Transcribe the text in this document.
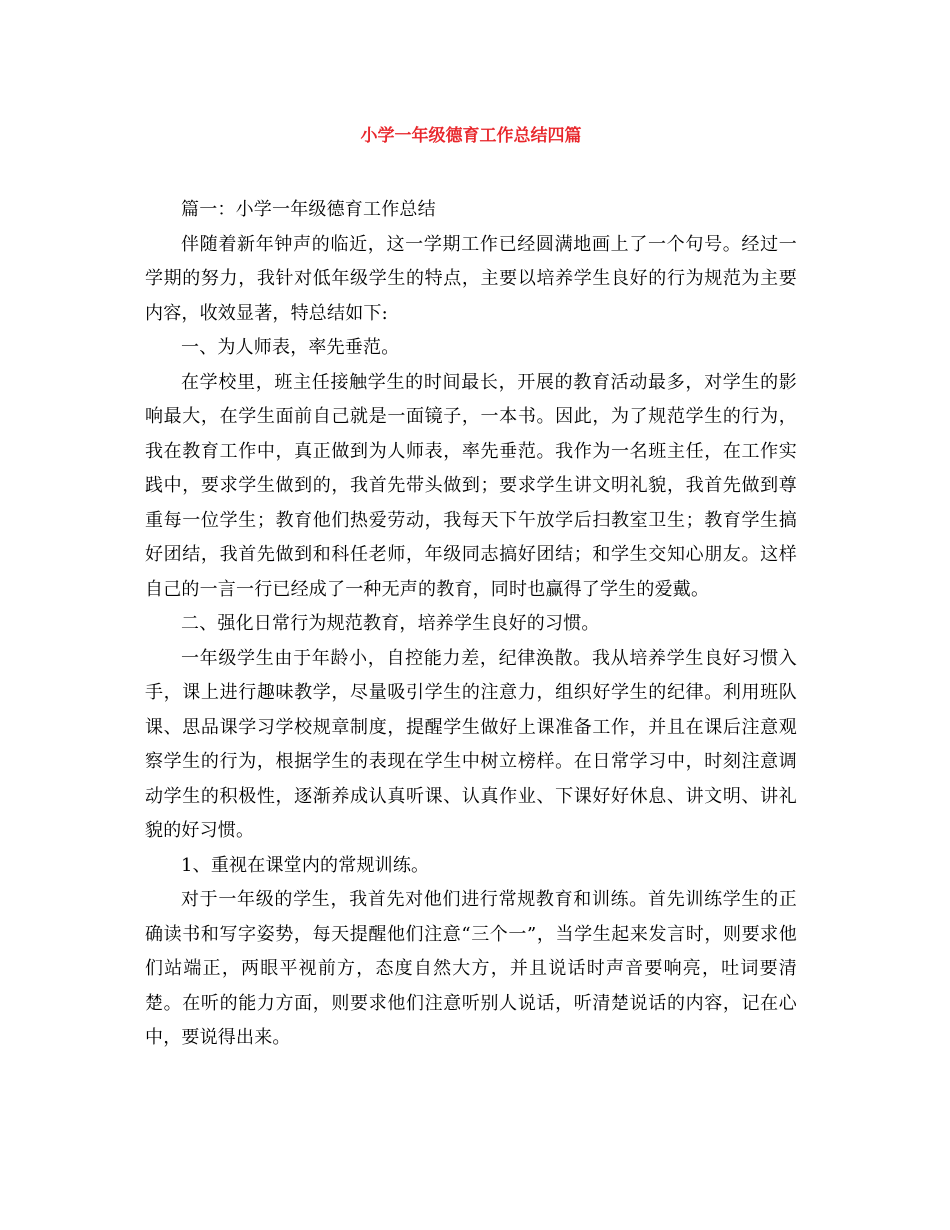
小学一年级德育工作总结四篇

篇一：小学一年级德育工作总结

伴随着新年钟声的临近，这一学期工作已经圆满地画上了一个句号。经过一学期的努力，我针对低年级学生的特点，主要以培养学生良好的行为规范为主要内容，收效显著，特总结如下:

一、为人师表，率先垂范。

在学校里，班主任接触学生的时间最长，开展的教育活动最多，对学生的影响最大，在学生面前自己就是一面镜子，一本书。因此，为了规范学生的行为，我在教育工作中，真正做到为人师表，率先垂范。我作为一名班主任，在工作实践中，要求学生做到的，我首先带头做到；要求学生讲文明礼貌，我首先做到尊重每一位学生；教育他们热爱劳动，我每天下午放学后扫教室卫生；教育学生搞好团结，我首先做到和科任老师，年级同志搞好团结；和学生交知心朋友。这样自己的一言一行已经成了一种无声的教育，同时也赢得了学生的爱戴。

二、强化日常行为规范教育，培养学生良好的习惯。

一年级学生由于年龄小，自控能力差，纪律涣散。我从培养学生良好习惯入手，课上进行趣味教学，尽量吸引学生的注意力，组织好学生的纪律。利用班队课、思品课学习学校规章制度，提醒学生做好上课准备工作，并且在课后注意观察学生的行为，根据学生的表现在学生中树立榜样。在日常学习中，时刻注意调动学生的积极性，逐渐养成认真听课、认真作业、下课好好休息、讲文明、讲礼貌的好习惯。

1、重视在课堂内的常规训练。

对于一年级的学生，我首先对他们进行常规教育和训练。首先训练学生的正确读书和写字姿势，每天提醒他们注意“三个一”，当学生起来发言时，则要求他们站端正，两眼平视前方，态度自然大方，并且说话时声音要响亮，吐词要清楚。在听的能力方面，则要求他们注意听别人说话，听清楚说话的内容，记在心中，要说得出来。
